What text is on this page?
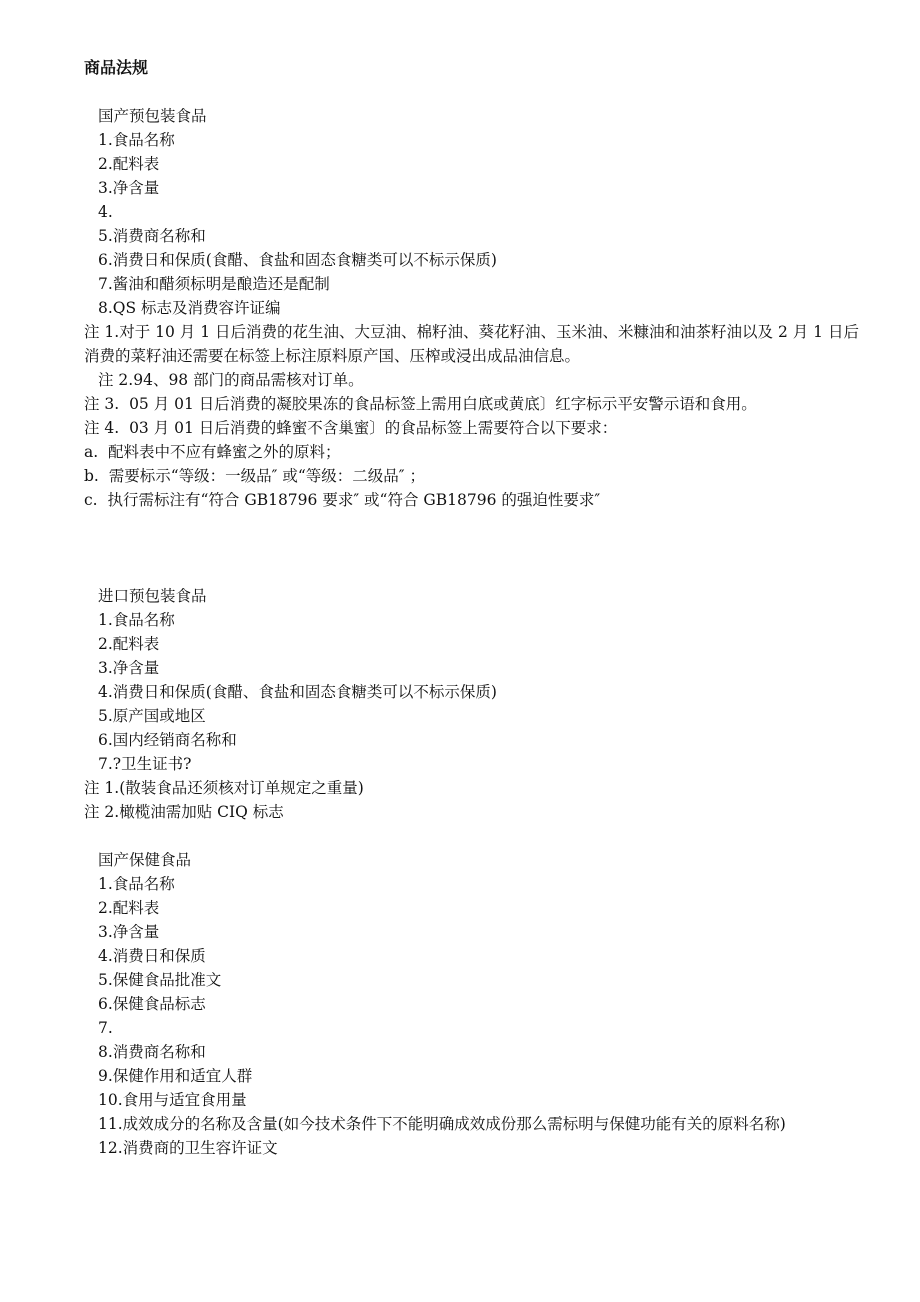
商品法规
国产预包装食品
1.食品名称
2.配料表
3.净含量
4.
5.消费商名称和
6.消费日和保质(食醋、食盐和固态食糖类可以不标示保质)
7.酱油和醋须标明是酿造还是配制
8.QS 标志及消费容许证编
注 1.对于 10 月 1 日后消费的花生油、大豆油、棉籽油、葵花籽油、玉米油、米糠油和油茶籽油以及 2 月 1 日后消费的菜籽油还需要在标签上标注原料原产国、压榨或浸出成品油信息。
注 2.94、98 部门的商品需核对订单。
注 3.  05 月 01 日后消费的凝胶果冻的食品标签上需用白底或黄底〕红字标示平安警示语和食用。
注 4.  03 月 01 日后消费的蜂蜜不含巢蜜〕的食品标签上需要符合以下要求：
a.  配料表中不应有蜂蜜之外的原料；
b.  需要标示“等级：一级品″ 或“等级：二级品″ ；
c.  执行需标注有“符合 GB18796 要求″ 或“符合 GB18796 的强迫性要求″
进口预包装食品
1.食品名称
2.配料表
3.净含量
4.消费日和保质(食醋、食盐和固态食糖类可以不标示保质)
5.原产国或地区
6.国内经销商名称和
7.?卫生证书?
注 1.(散装食品还须核对订单规定之重量)
注 2.橄榄油需加贴 CIQ 标志
国产保健食品
1.食品名称
2.配料表
3.净含量
4.消费日和保质
5.保健食品批准文
6.保健食品标志
7.
8.消费商名称和
9.保健作用和适宜人群
10.食用与适宜食用量
11.成效成分的名称及含量(如今技术条件下不能明确成效成份那么需标明与保健功能有关的原料名称)
12.消费商的卫生容许证文
